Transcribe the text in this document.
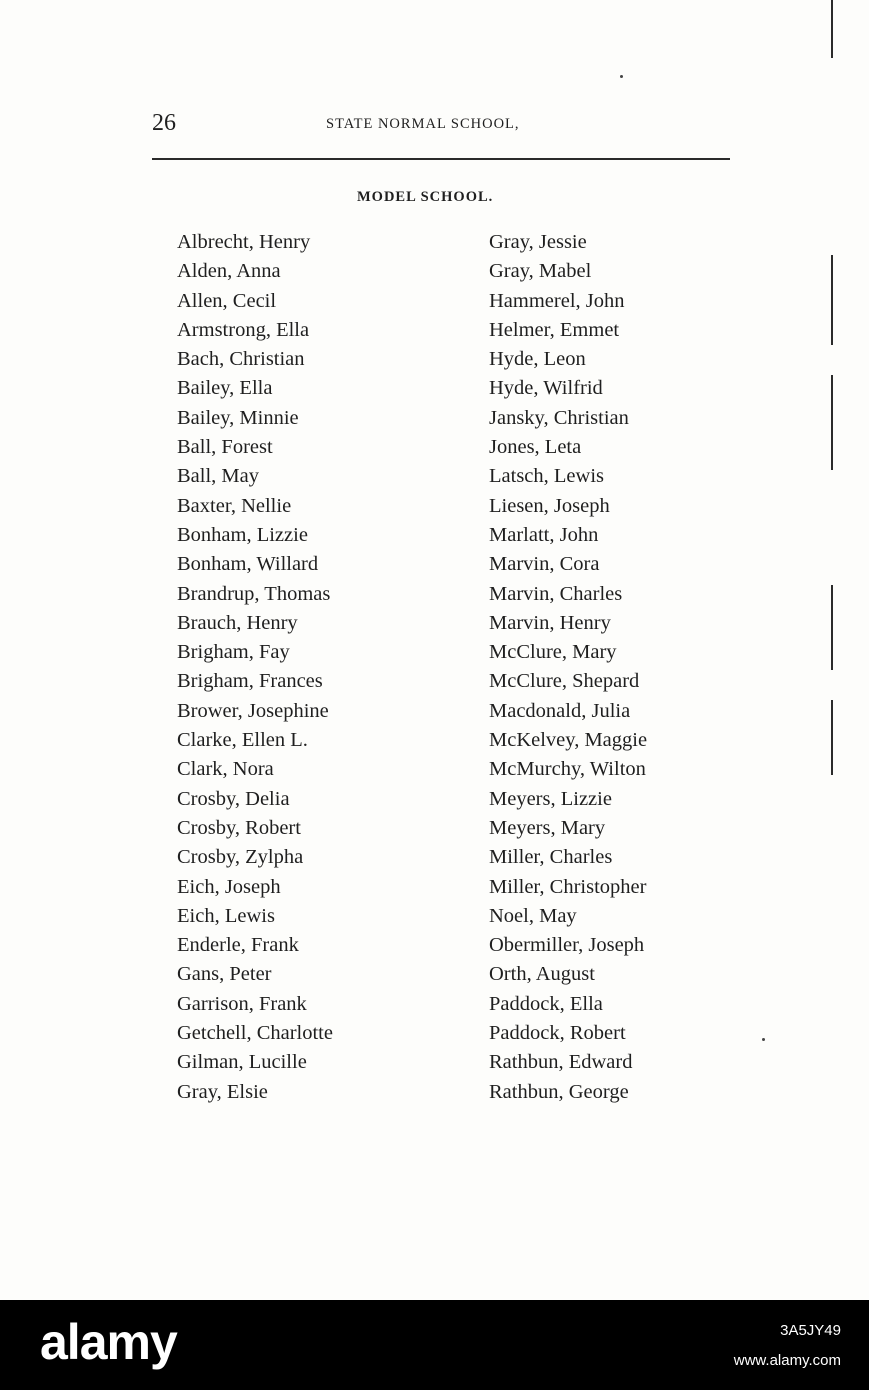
26	STATE NORMAL SCHOOL,
MODEL SCHOOL.
Albrecht, Henry
Alden, Anna
Allen, Cecil
Armstrong, Ella
Bach, Christian
Bailey, Ella
Bailey, Minnie
Ball, Forest
Ball, May
Baxter, Nellie
Bonham, Lizzie
Bonham, Willard
Brandrup, Thomas
Brauch, Henry
Brigham, Fay
Brigham, Frances
Brower, Josephine
Clarke, Ellen L.
Clark, Nora
Crosby, Delia
Crosby, Robert
Crosby, Zylpha
Eich, Joseph
Eich, Lewis
Enderle, Frank
Gans, Peter
Garrison, Frank
Getchell, Charlotte
Gilman, Lucille
Gray, Elsie
Gray, Jessie
Gray, Mabel
Hammerel, John
Helmer, Emmet
Hyde, Leon
Hyde, Wilfrid
Jansky, Christian
Jones, Leta
Latsch, Lewis
Liesen, Joseph
Marlatt, John
Marvin, Cora
Marvin, Charles
Marvin, Henry
McClure, Mary
McClure, Shepard
Macdonald, Julia
McKelvey, Maggie
McMurchy, Wilton
Meyers, Lizzie
Meyers, Mary
Miller, Charles
Miller, Christopher
Noel, May
Obermiller, Joseph
Orth, August
Paddock, Ella
Paddock, Robert
Rathbun, Edward
Rathbun, George
alamy	3A5JY49
www.alamy.com
